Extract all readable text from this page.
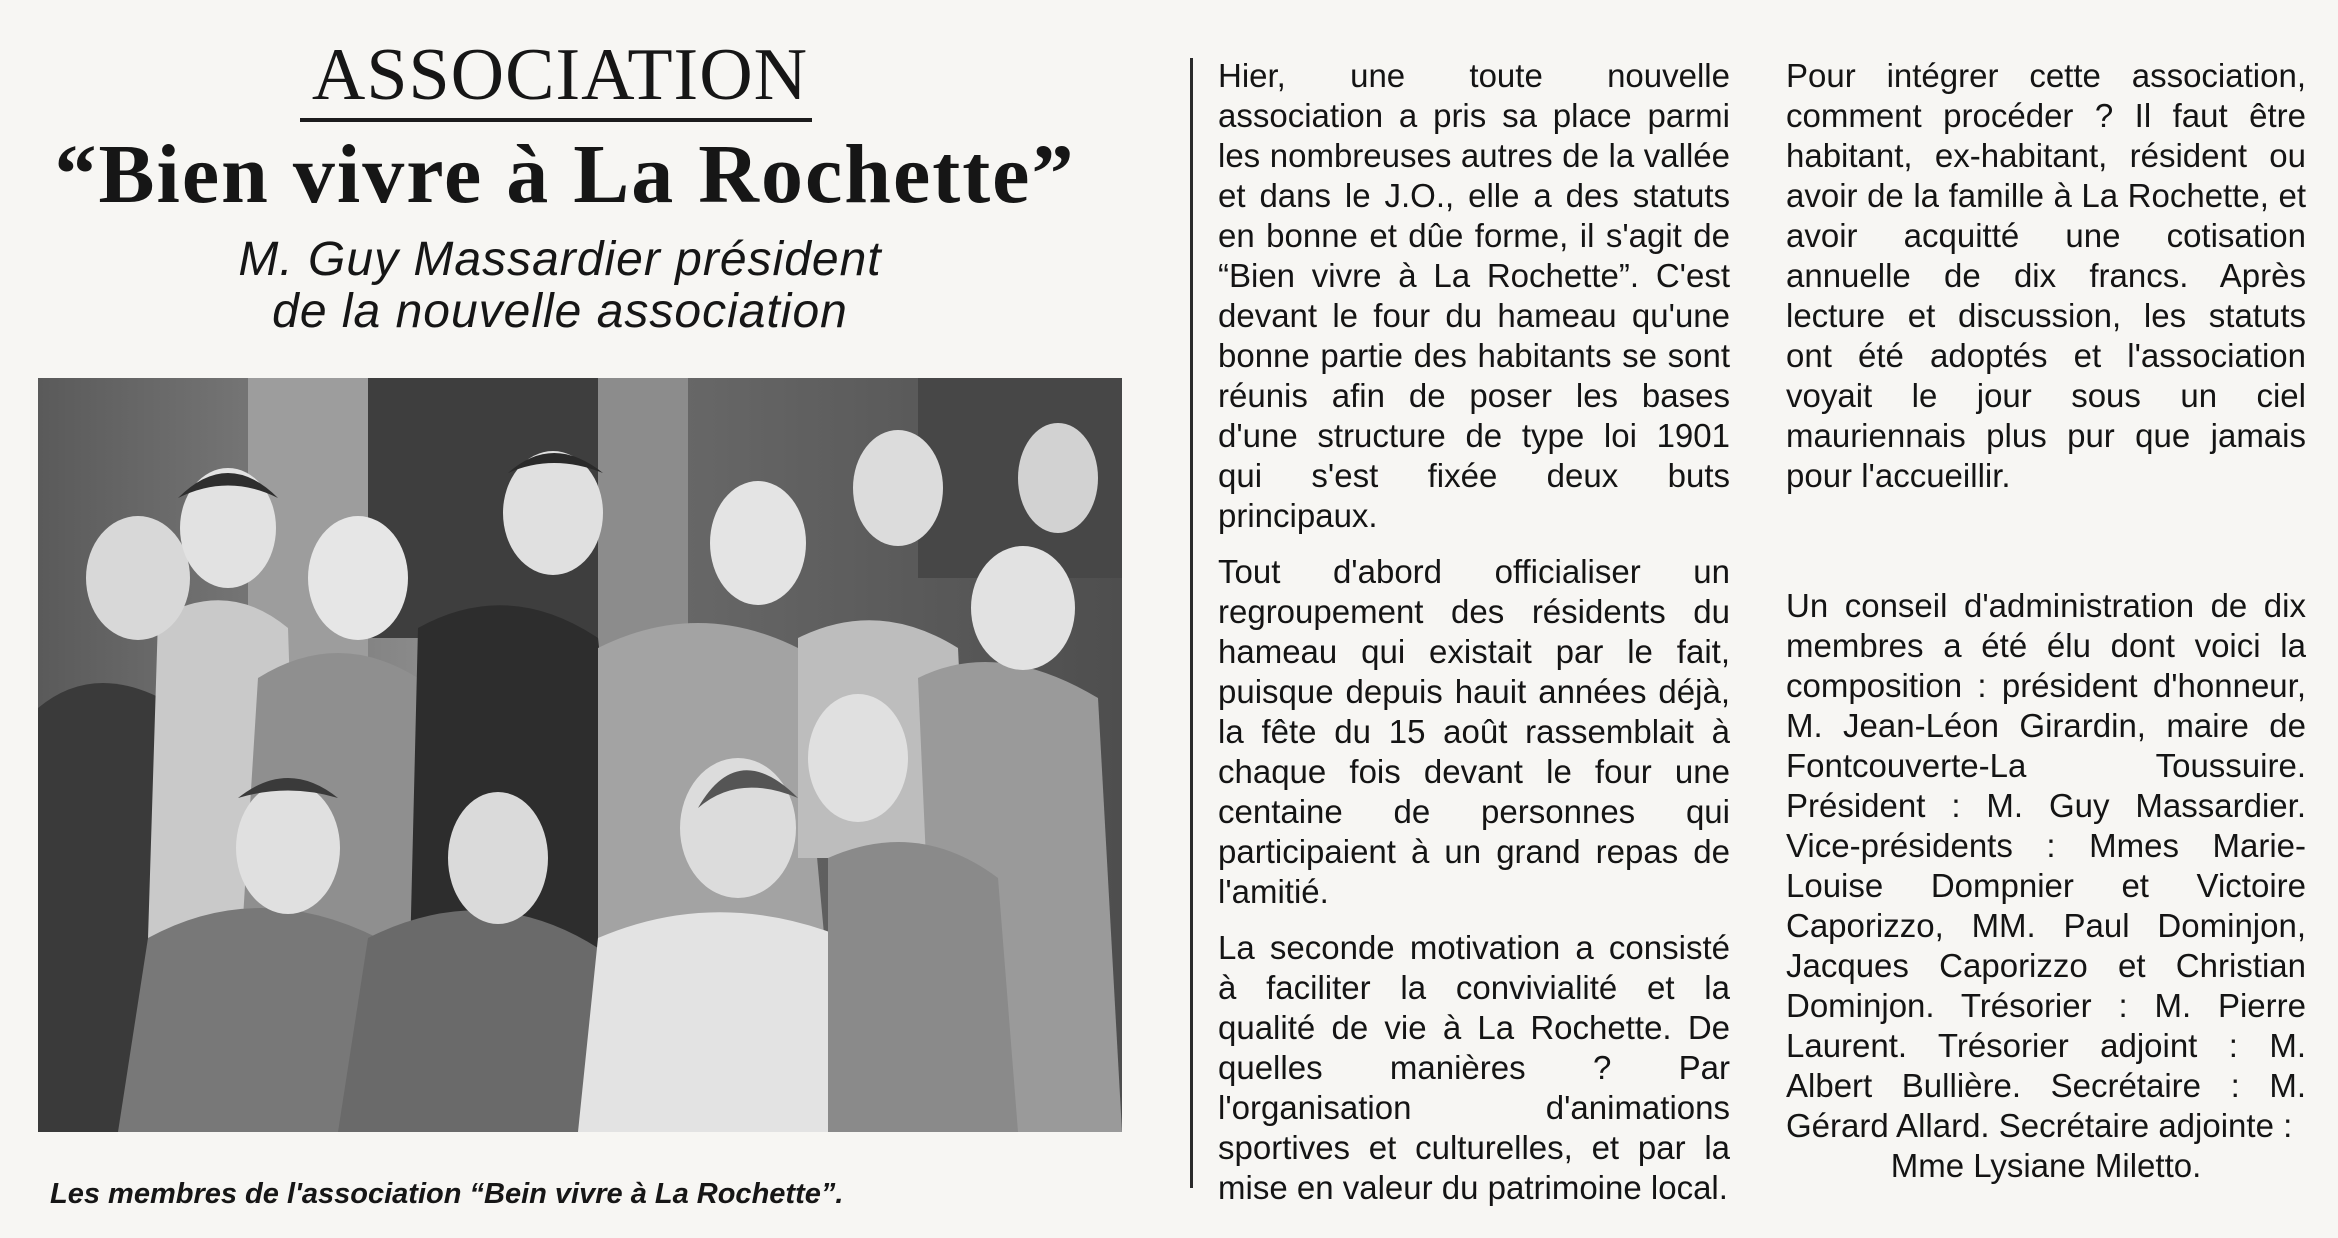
ASSOCIATION
“Bien vivre à La Rochette”
M. Guy Massardier président
de la nouvelle association
Les membres de l'association “Bein vivre à La Rochette”.

Hier, une toute nouvelle association a pris sa place parmi les nombreuses autres de la vallée et dans le J.O., elle a des statuts en bonne et dûe forme, il s'agit de “Bien vivre à La Rochette”. C'est devant le four du hameau qu'une bonne partie des habitants se sont réunis afin de poser les bases d'une structure de type loi 1901 qui s'est fixée deux buts principaux.

Tout d'abord officialiser un regroupement des résidents du hameau qui existait par le fait, puisque depuis hauit années déjà, la fête du 15 août rassemblait à chaque fois devant le four une centaine de personnes qui participaient à un grand repas de l'amitié.

La seconde motivation a consisté à faciliter la convivialité et la qualité de vie à La Rochette. De quelles manières ? Par l'organisation d'animations sportives et culturelles, et par la mise en valeur du patrimoine local.

Pour intégrer cette association, comment procéder ? Il faut être habitant, ex-habitant, résident ou avoir de la famille à La Rochette, et avoir acquitté une cotisation annuelle de dix francs. Après lecture et discussion, les statuts ont été adoptés et l'association voyait le jour sous un ciel mauriennais plus pur que jamais pour l'accueillir.

Un conseil d'administration de dix membres a été élu dont voici la composition : président d'honneur, M. Jean-Léon Girardin, maire de Fontcouverte-La Toussuire. Président : M. Guy Massardier. Vice-présidents : Mmes Marie-Louise Dompnier et Victoire Caporizzo, MM. Paul Dominjon, Jacques Caporizzo et Christian Dominjon. Trésorier : M. Pierre Laurent. Trésorier adjoint : M. Albert Bullière. Secrétaire : M. Gérard Allard. Secrétaire adjointe :

Mme Lysiane Miletto.
